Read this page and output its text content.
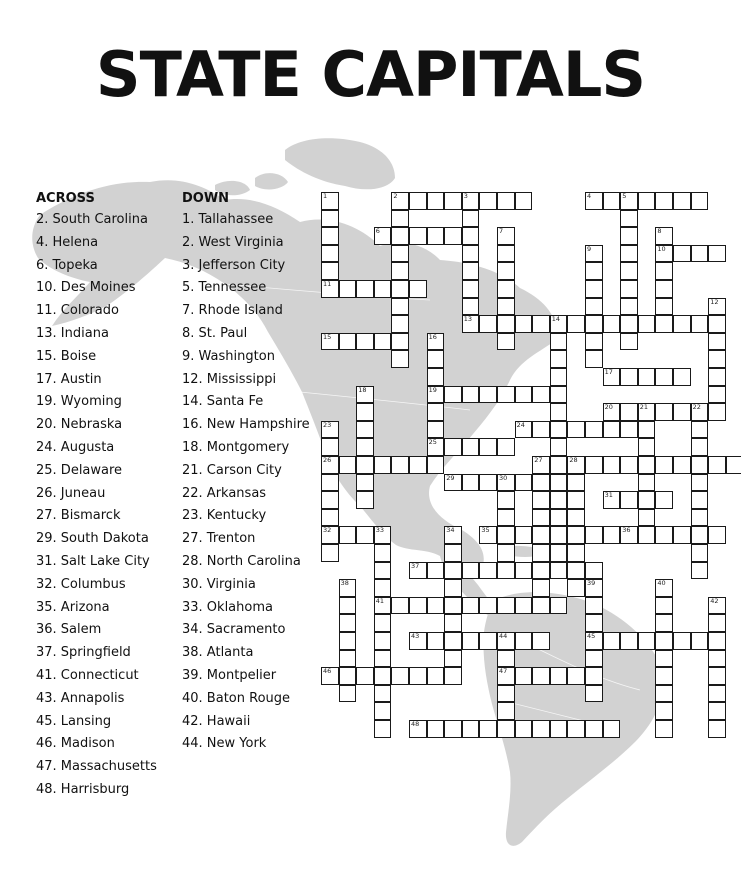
STATE CAPITALS
ACROSS
2. South Carolina
4. Helena
6. Topeka
10. Des Moines
11. Colorado
13. Indiana
15. Boise
17. Austin
19. Wyoming
20. Nebraska
24. Augusta
25. Delaware
26. Juneau
27. Bismarck
29. South Dakota
31. Salt Lake City
32. Columbus
35. Arizona
36. Salem
37. Springfield
41. Connecticut
43. Annapolis
45. Lansing
46. Madison
47. Massachusetts
48. Harrisburg
DOWN
1. Tallahassee
2. West Virginia
3. Jefferson City
5. Tennessee
7. Rhode Island
8. St. Paul
9. Washington
12. Mississippi
14. Santa Fe
16. New Hampshire
18. Montgomery
21. Carson City
22. Arkansas
23. Kentucky
27. Trenton
28. North Carolina
30. Virginia
33. Oklahoma
34. Sacramento
38. Atlanta
39. Montpelier
40. Baton Rouge
42. Hawaii
44. New York
1	2	3
13
4	5
6	7	8
10
9
11
12
14
15	16
19
25
17
18
20	21	22
23
26
32
24
27	28
29	30
31
33
41
34	35	36
37
38	39
45
40
42
43	44
47
46
48
